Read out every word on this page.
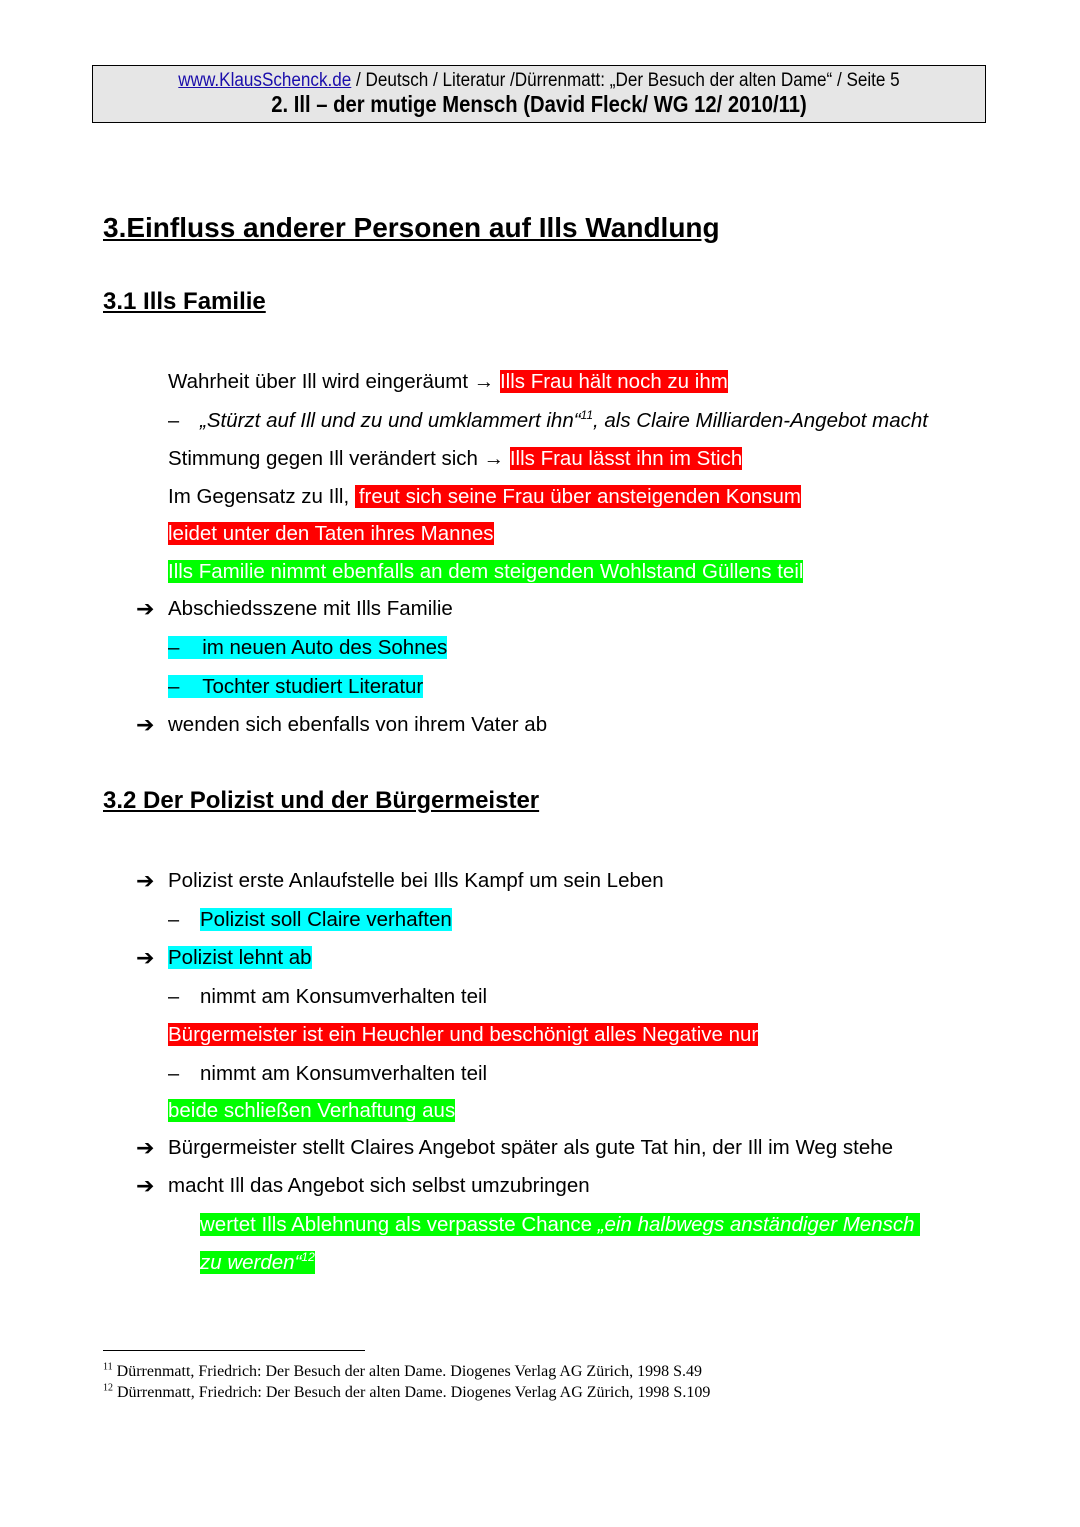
www.KlausSchenck.de / Deutsch / Literatur /Dürrenmatt: „Der Besuch der alten Dame“ / Seite 5
2. Ill – der mutige Mensch (David Fleck/ WG 12/ 2010/11)
3.Einfluss anderer Personen auf Ills Wandlung
3.1 Ills Familie
Wahrheit über Ill wird eingeräumt → Ills Frau hält noch zu ihm
– „Stürzt auf Ill und zu und umklammert ihn“$^{11}$, als Claire Milliarden-Angebot macht
Stimmung gegen Ill verändert sich → Ills Frau lässt ihn im Stich
Im Gegensatz zu Ill, freut sich seine Frau über ansteigenden Konsum
leidet unter den Taten ihres Mannes
Ills Familie nimmt ebenfalls an dem steigenden Wohlstand Güllens teil
➔ Abschiedsszene mit Ills Familie
– im neuen Auto des Sohnes
– Tochter studiert Literatur
➔ wenden sich ebenfalls von ihrem Vater ab
3.2 Der Polizist und der Bürgermeister
➔ Polizist erste Anlaufstelle bei Ills Kampf um sein Leben
– Polizist soll Claire verhaften
➔ Polizist lehnt ab
– nimmt am Konsumverhalten teil
Bürgermeister ist ein Heuchler und beschönigt alles Negative nur
– nimmt am Konsumverhalten teil
beide schließen Verhaftung aus
➔ Bürgermeister stellt Claires Angebot später als gute Tat hin, der Ill im Weg stehe
➔ macht Ill das Angebot sich selbst umzubringen
wertet Ills Ablehnung als verpasste Chance „ein halbwegs anständiger Mensch
zu werden“$^{12}$
$^{11}$ Dürrenmatt, Friedrich: Der Besuch der alten Dame. Diogenes Verlag AG Zürich, 1998 S.49
$^{12}$ Dürrenmatt, Friedrich: Der Besuch der alten Dame. Diogenes Verlag AG Zürich, 1998 S.109
